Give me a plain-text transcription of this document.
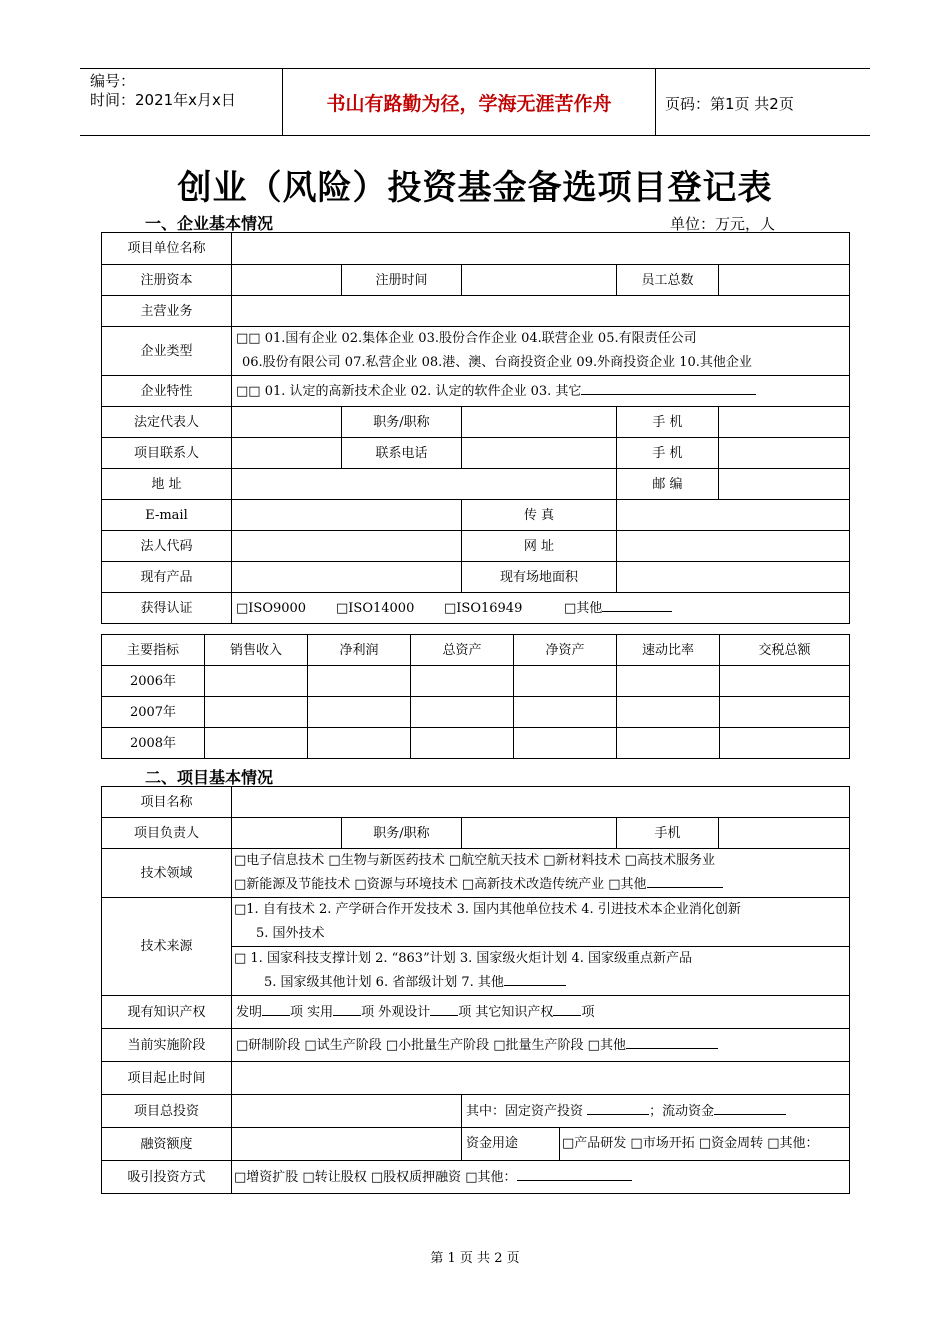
编号：
时间：2021年x月x日	书山有路勤为径，学海无涯苦作舟	页码：第1页 共2页
创业（风险）投资基金备选项目登记表
一、企业基本情况	单位：万元，人
项目单位名称					
注册资本		注册时间		员工总数	
主营业务					
企业类型	□□ 01.国有企业 02.集体企业 03.股份合作企业 04.联营企业 05.有限责任公司
06.股份有限公司 07.私营企业 08.港、澳、台商投资企业 09.外商投资企业 10.其他企业				

企业特性	□□ 01. 认定的高新技术企业 02. 认定的软件企业 03. 其它				
法定代表人		职务/职称		手 机	
项目联系人		联系电话		手 机	
地 址				邮 编	
E-mail			传 真		
法人代码			网 址		
现有产品			现有场地面积		
获得认证	□ISO9000 □ISO14000 □ISO16949 □其他				
主要指标	销售收入	净利润	总资产	净资产	速动比率	交税总额
2006年						
2007年						
2008年						
二、项目基本情况
项目名称					
项目负责人		职务/职称		手机	
技术领域	□电子信息技术 □生物与新医药技术 □航空航天技术 □新材料技术 □高技术服务业
□新能源及节能技术 □资源与环境技术 □高新技术改造传统产业 □其他				

技术来源	□1. 自有技术 2. 产学研合作开发技术 3. 国内其他单位技术 4. 引进技术本企业消化创新
5. 国外技术				

	□ 1. 国家科技支撑计划 2. “863”计划 3. 国家级火炬计划 4. 国家级重点新产品
5. 国家级其他计划 6. 省部级计划 7. 其他				

现有知识产权	发明 项 实用 项 外观设计 项 其它知识产权 项				
当前实施阶段	□研制阶段 □试生产阶段 □小批量生产阶段 □批量生产阶段 □其他				
项目起止时间					
项目总投资			其中：固定资产投资 ；流动资金		
融资额度			资金用途 □产品研发 □市场开拓 □资金周转 □其他：		
吸引投资方式	□增资扩股 □转让股权 □股权质押融资 □其他：				
第 1 页 共 2 页
